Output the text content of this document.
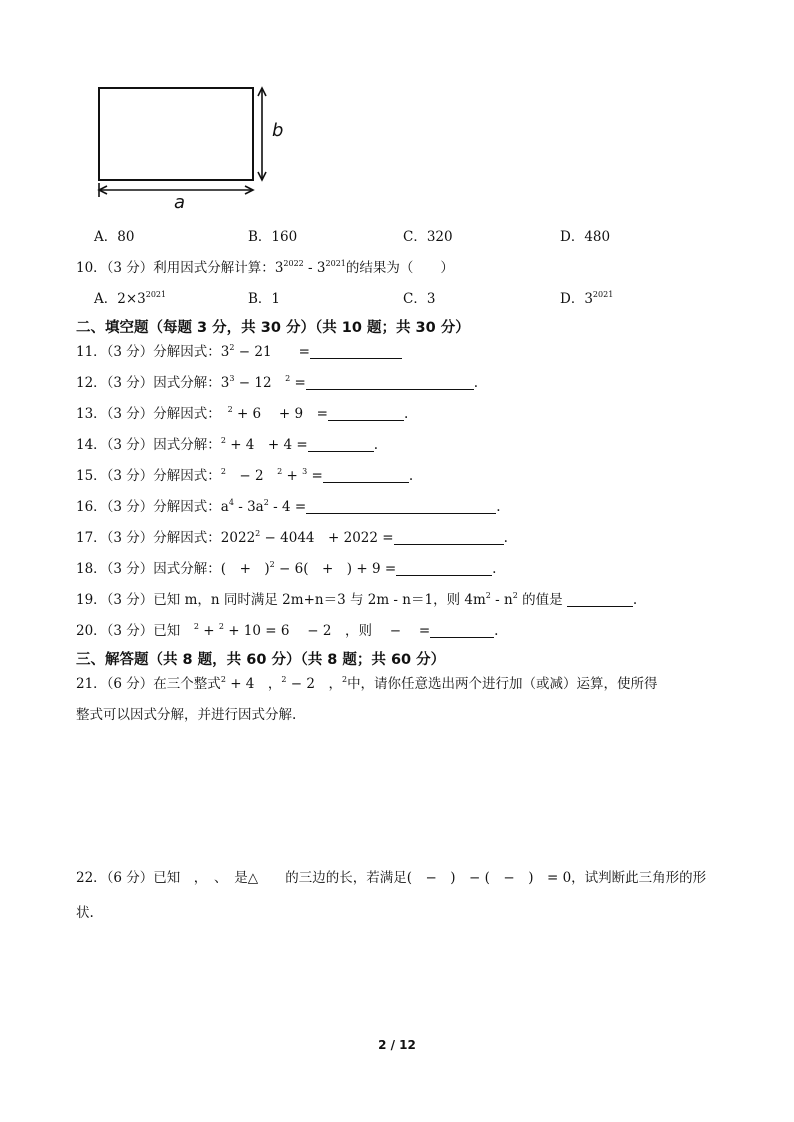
b
a
A．80	B．160	C．320	D．480
10．（3 分）利用因式分解计算：$3^{2022} - 3^{2021}$的结果为（　　）
A．$2\times 3^{2021}$	B．1	C．3	D．$3^{2021}$
二、填空题（每题 3 分，共 30 分）（共 10 题；共 30 分）
11．（3 分）分解因式：$3^2 - 21$　　=
12．（3 分）因式分解：$3^3 - 12$　$^2$ =	.
13．（3 分）分解因式：　$^2$ + 6　 + 9　=	.
14．（3 分）因式分解：$^2$ + 4　+ 4 =	.
15．（3 分）分解因式：$^2$　− 2　$^2$ + $^3$ =	.
16．（3 分）分解因式：$a^4 - 3a^2 - 4$ =	.
17．（3 分）分解因式：$2022^2 - 4044$　+ 2022 =	.
18．（3 分）因式分解：(　+　)$^2$ − 6(　+　) + 9 =	.
19．（3 分）已知 m，n 同时满足 2m+n＝3 与 2m - n＝1，则 $4m^2 - n^2$ 的值是	.
20．（3 分）已知　$^2$ + $^2$ + 10 = 6　 − 2　，则　 −　 =	.
三、解答题（共 8 题，共 60 分）（共 8 题；共 60 分）
21．（6 分）在三个整式$^2$ + 4　，$^2$ − 2　，$^2$中，请你任意选出两个进行加（或减）运算，使所得
整式可以因式分解，并进行因式分解.
22．（6 分）已知　，　、　是△　　的三边的长，若满足(　−　)　− (　−　)　= 0，试判断此三角形的形
状.
2 / 12
